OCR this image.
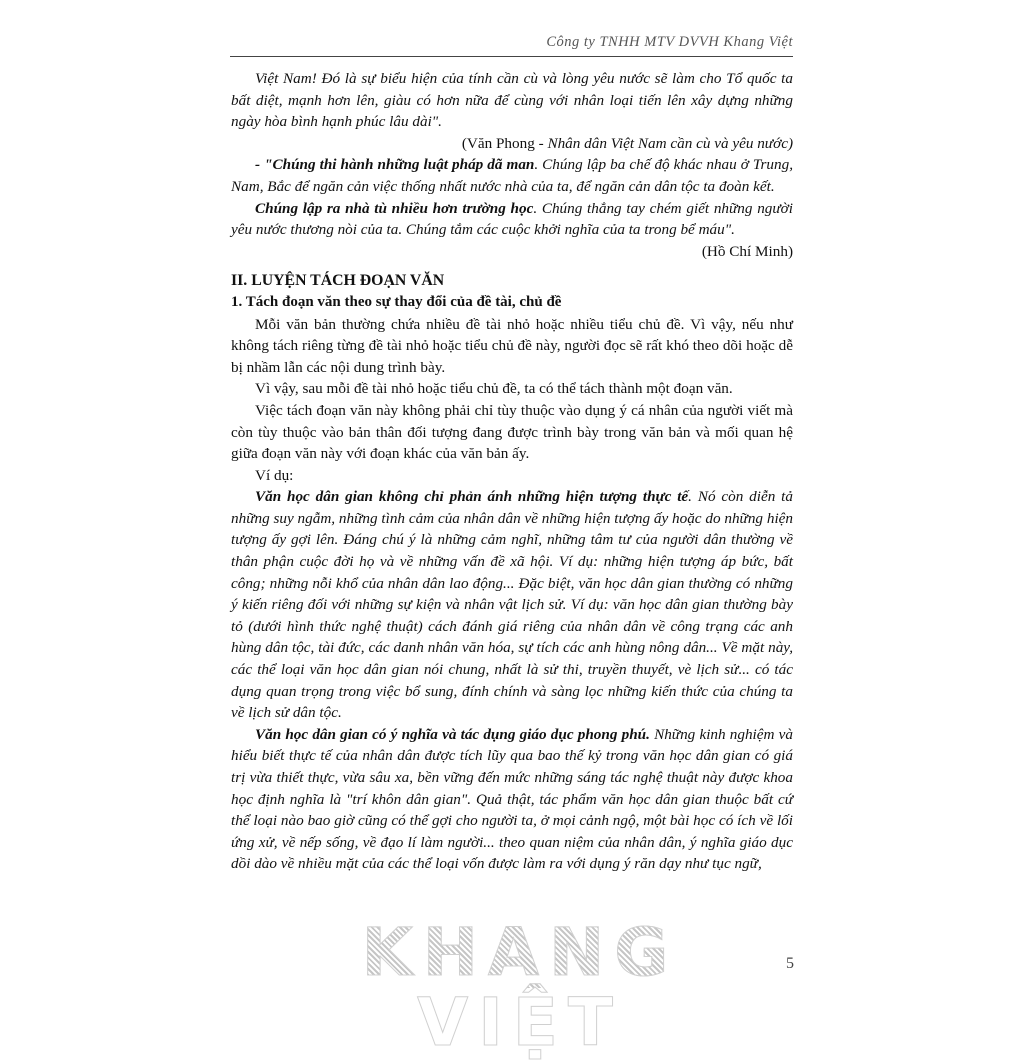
Công ty TNHH MTV DVVH Khang Việt

Việt Nam! Đó là sự biểu hiện của tính cần cù và lòng yêu nước sẽ làm cho Tổ quốc ta bất diệt, mạnh hơn lên, giàu có hơn nữa để cùng với nhân loại tiến lên xây dựng những ngày hòa bình hạnh phúc lâu dài".

(Văn Phong - Nhân dân Việt Nam cần cù và yêu nước)

- "Chúng thi hành những luật pháp dã man. Chúng lập ba chế độ khác nhau ở Trung, Nam, Bắc để ngăn cản việc thống nhất nước nhà của ta, để ngăn cản dân tộc ta đoàn kết.

Chúng lập ra nhà tù nhiều hơn trường học. Chúng thẳng tay chém giết những người yêu nước thương nòi của ta. Chúng tắm các cuộc khởi nghĩa của ta trong bể máu".

(Hồ Chí Minh)

II. LUYỆN TÁCH ĐOẠN VĂN

1. Tách đoạn văn theo sự thay đổi của đề tài, chủ đề

Mỗi văn bản thường chứa nhiều đề tài nhỏ hoặc nhiều tiểu chủ đề. Vì vậy, nếu như không tách riêng từng đề tài nhỏ hoặc tiểu chủ đề này, người đọc sẽ rất khó theo dõi hoặc dễ bị nhầm lẫn các nội dung trình bày.

Vì vậy, sau mỗi đề tài nhỏ hoặc tiểu chủ đề, ta có thể tách thành một đoạn văn.

Việc tách đoạn văn này không phải chỉ tùy thuộc vào dụng ý cá nhân của người viết mà còn tùy thuộc vào bản thân đối tượng đang được trình bày trong văn bản và mối quan hệ giữa đoạn văn này với đoạn khác của văn bản ấy.

Ví dụ:

Văn học dân gian không chỉ phản ánh những hiện tượng thực tế. Nó còn diễn tả những suy ngẫm, những tình cảm của nhân dân về những hiện tượng ấy hoặc do những hiện tượng ấy gợi lên. Đáng chú ý là những cảm nghĩ, những tâm tư của người dân thường về thân phận cuộc đời họ và về những vấn đề xã hội. Ví dụ: những hiện tượng áp bức, bất công; những nỗi khổ của nhân dân lao động... Đặc biệt, văn học dân gian thường có những ý kiến riêng đối với những sự kiện và nhân vật lịch sử. Ví dụ: văn học dân gian thường bày tỏ (dưới hình thức nghệ thuật) cách đánh giá riêng của nhân dân về công trạng các anh hùng dân tộc, tài đức, các danh nhân văn hóa, sự tích các anh hùng nông dân... Về mặt này, các thể loại văn học dân gian nói chung, nhất là sử thi, truyền thuyết, vè lịch sử... có tác dụng quan trọng trong việc bổ sung, đính chính và sàng lọc những kiến thức của chúng ta về lịch sử dân tộc.

Văn học dân gian có ý nghĩa và tác dụng giáo dục phong phú. Những kinh nghiệm và hiểu biết thực tế của nhân dân được tích lũy qua bao thế kỷ trong văn học dân gian có giá trị vừa thiết thực, vừa sâu xa, bền vững đến mức những sáng tác nghệ thuật này được khoa học định nghĩa là "trí khôn dân gian". Quả thật, tác phẩm văn học dân gian thuộc bất cứ thể loại nào bao giờ cũng có thể gợi cho người ta, ở mọi cảnh ngộ, một bài học có ích về lối ứng xử, về nếp sống, về đạo lí làm người... theo quan niệm của nhân dân, ý nghĩa giáo dục dồi dào về nhiều mặt của các thể loại vốn được làm ra với dụng ý răn dạy như tục ngữ,

KHANG VIỆT
5
